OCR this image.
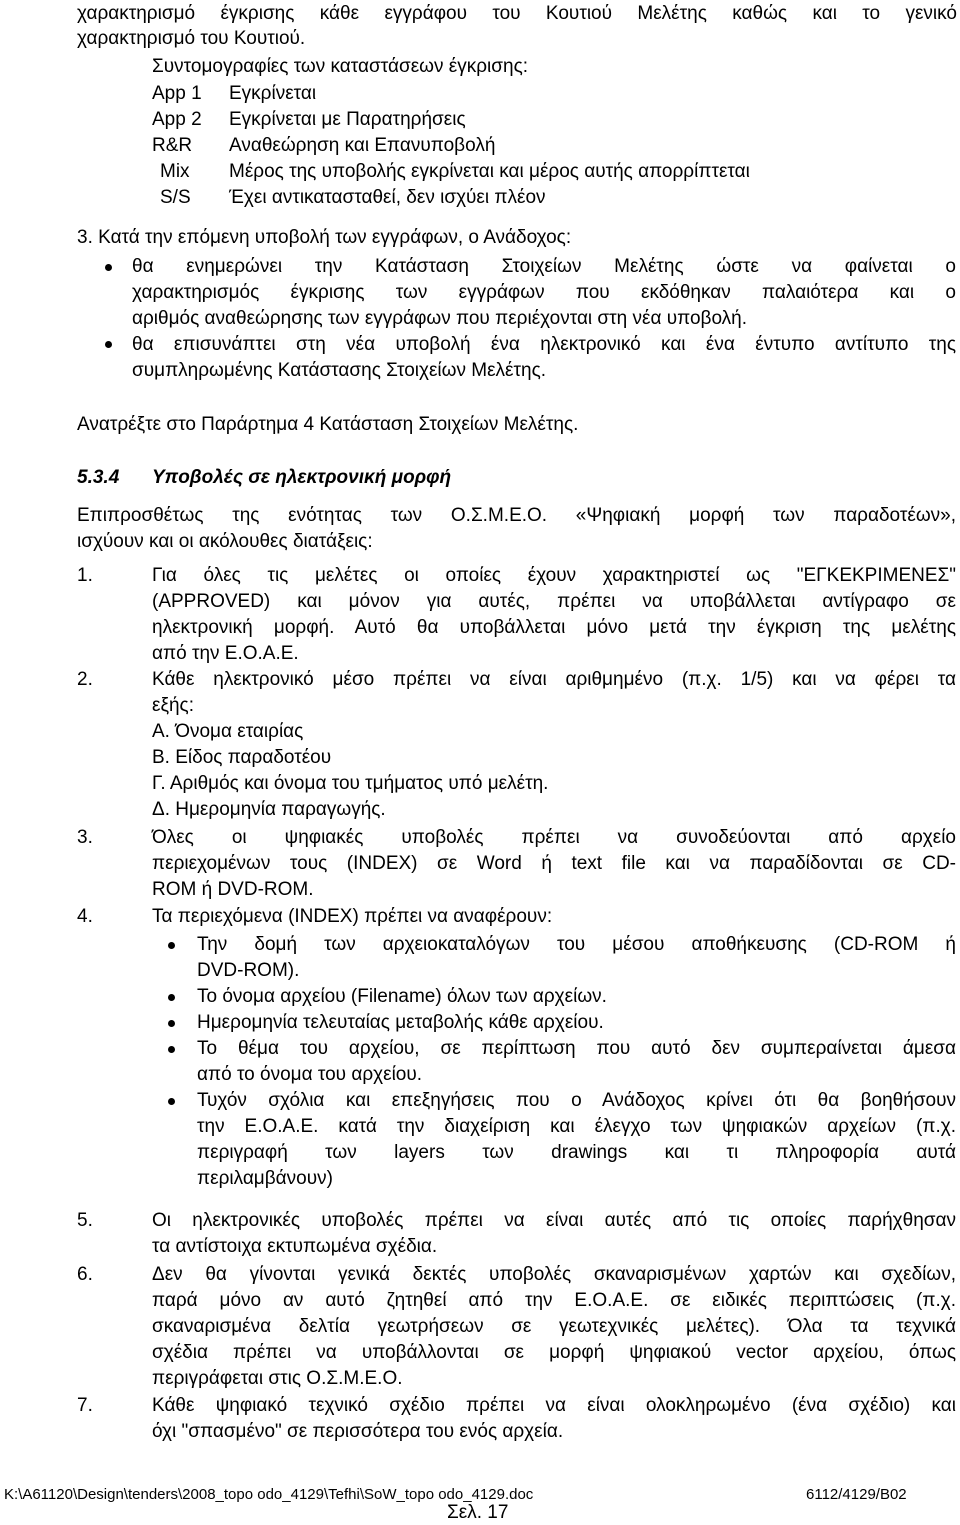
χαρακτηρισμό έγκρισης κάθε εγγράφου του Κουτιού Μελέτης καθώς και το γενικό
χαρακτηρισμό του Κουτιού.
Συντομογραφίες των καταστάσεων έγκρισης:
App 1 Εγκρίνεται
App 2 Εγκρίνεται με Παρατηρήσεις
R&R Αναθεώρηση και Επανυποβολή
Mix Μέρος της υποβολής εγκρίνεται και μέρος αυτής απορρίπτεται
S/S Έχει αντικατασταθεί, δεν ισχύει πλέον
3. Κατά την επόμενη υποβολή των εγγράφων, ο Ανάδοχος:
θα ενημερώνει την Κατάσταση Στοιχείων Μελέτης ώστε να φαίνεται ο
χαρακτηρισμός έγκρισης των εγγράφων που εκδόθηκαν παλαιότερα και ο
αριθμός αναθεώρησης των εγγράφων που περιέχονται στη νέα υποβολή.
θα επισυνάπτει στη νέα υποβολή ένα ηλεκτρονικό και ένα έντυπο αντίτυπο της
συμπληρωμένης Κατάστασης Στοιχείων Μελέτης.
Ανατρέξτε στο Παράρτημα 4 Κατάσταση Στοιχείων Μελέτης.
5.3.4 Υποβολές σε ηλεκτρονική μορφή
Επιπροσθέτως της ενότητας των Ο.Σ.Μ.Ε.Ο. «Ψηφιακή μορφή των παραδοτέων»,
ισχύουν και οι ακόλουθες διατάξεις:
1.	Για όλες τις μελέτες οι οποίες έχουν χαρακτηριστεί ως "ΕΓΚΕΚΡΙΜΕΝΕΣ"
(APPROVED) και μόνον για αυτές, πρέπει να υποβάλλεται αντίγραφο σε
ηλεκτρονική μορφή. Αυτό θα υποβάλλεται μόνο μετά την έγκριση της μελέτης
από την Ε.Ο.Α.Ε.
2.	Κάθε ηλεκτρονικό μέσο πρέπει να είναι αριθμημένο (π.χ. 1/5) και να φέρει τα
εξής:
Α. Όνομα εταιρίας
Β. Είδος παραδοτέου
Γ. Αριθμός και όνομα του τμήματος υπό μελέτη.
Δ. Ημερομηνία παραγωγής.
3.	Όλες οι ψηφιακές υποβολές πρέπει να συνοδεύονται από αρχείο
περιεχομένων τους (INDEX) σε Word ή text file και να παραδίδονται σε CD-
ROM ή DVD-ROM.
4.	Τα περιεχόμενα (INDEX) πρέπει να αναφέρουν:
Την δομή των αρχειοκαταλόγων του μέσου αποθήκευσης (CD-ROM ή
DVD-ROM).
Το όνομα αρχείου (Filename) όλων των αρχείων.
Ημερομηνία τελευταίας μεταβολής κάθε αρχείου.
Το θέμα του αρχείου, σε περίπτωση που αυτό δεν συμπεραίνεται άμεσα
από το όνομα του αρχείου.
Τυχόν σχόλια και επεξηγήσεις που ο Ανάδοχος κρίνει ότι θα βοηθήσουν
την Ε.Ο.Α.Ε. κατά την διαχείριση και έλεγχο των ψηφιακών αρχείων (π.χ.
περιγραφή των layers των drawings και τι πληροφορία αυτά
περιλαμβάνουν)
5.	Οι ηλεκτρονικές υποβολές πρέπει να είναι αυτές από τις οποίες παρήχθησαν
τα αντίστοιχα εκτυπωμένα σχέδια.
6.	Δεν θα γίνονται γενικά δεκτές υποβολές σκαναρισμένων χαρτών και σχεδίων,
παρά μόνο αν αυτό ζητηθεί από την Ε.Ο.Α.Ε. σε ειδικές περιπτώσεις (π.χ.
σκαναρισμένα δελτία γεωτρήσεων σε γεωτεχνικές μελέτες). Όλα τα τεχνικά
σχέδια πρέπει να υποβάλλονται σε μορφή ψηφιακού vector αρχείου, όπως
περιγράφεται στις Ο.Σ.Μ.Ε.Ο.
7.	Κάθε ψηφιακό τεχνικό σχέδιο πρέπει να είναι ολοκληρωμένο (ένα σχέδιο) και
όχι "σπασμένο" σε περισσότερα του ενός αρχεία.
K:\A61120\Design\tenders\2008_topo odo_4129\Tefhi\SoW_topo odo_4129.doc	6112/4129/B02
Σελ. 17
